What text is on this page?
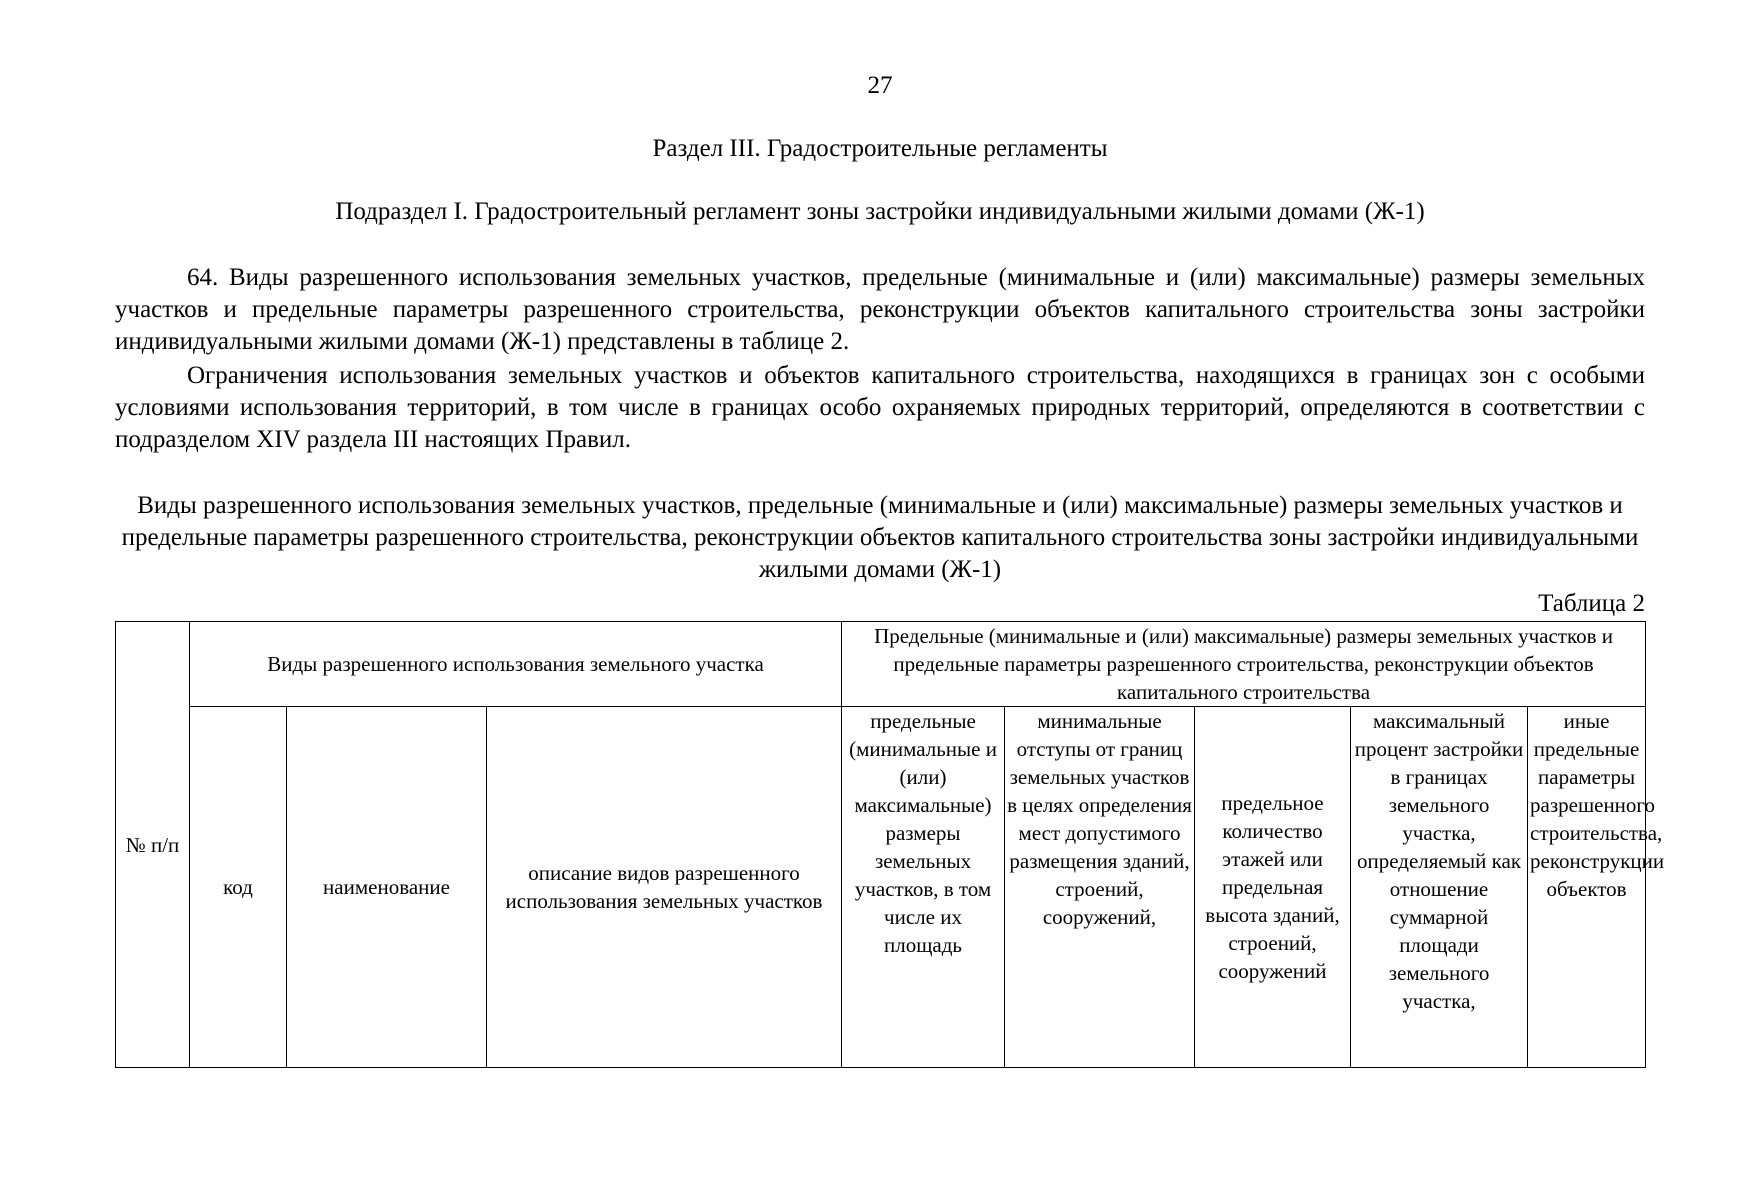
27
Раздел III. Градостроительные регламенты
Подраздел I. Градостроительный регламент зоны застройки индивидуальными жилыми домами (Ж-1)

64. Виды разрешенного использования земельных участков, предельные (минимальные и (или) максимальные) размеры земельных участков и предельные параметры разрешенного строительства, реконструкции объектов капитального строительства зоны застройки индивидуальными жилыми домами (Ж-1) представлены в таблице 2.

Ограничения использования земельных участков и объектов капитального строительства, находящихся в границах зон с особыми условиями использования территорий, в том числе в границах особо охраняемых природных территорий, определяются в соответствии с подразделом XIV раздела III настоящих Правил.

Виды разрешенного использования земельных участков, предельные (минимальные и (или) максимальные) размеры земельных участков и предельные параметры разрешенного строительства, реконструкции объектов капитального строительства зоны застройки индивидуальными жилыми домами (Ж-1)
Таблица 2
№ п/п	Виды разрешенного использования земельного участка			Предельные (минимальные и (или) максимальные) размеры земельных участков и предельные параметры разрешенного строительства, реконструкции объектов капитального строительства				
	код	наименование	описание видов разрешенного использования земельных участков	предельные (минимальные и (или) максимальные) размеры земельных участков, в том числе их площадь	минимальные отступы от границ земельных участков в целях определения мест допустимого размещения зданий, строений, сооружений,	предельное количество этажей или предельная высота зданий, строений, сооружений	максимальный процент застройки в границах земельного участка, определяемый как отношение суммарной площади земельного участка,	иные предельные параметры разрешенного строительства, реконструкции объектов
